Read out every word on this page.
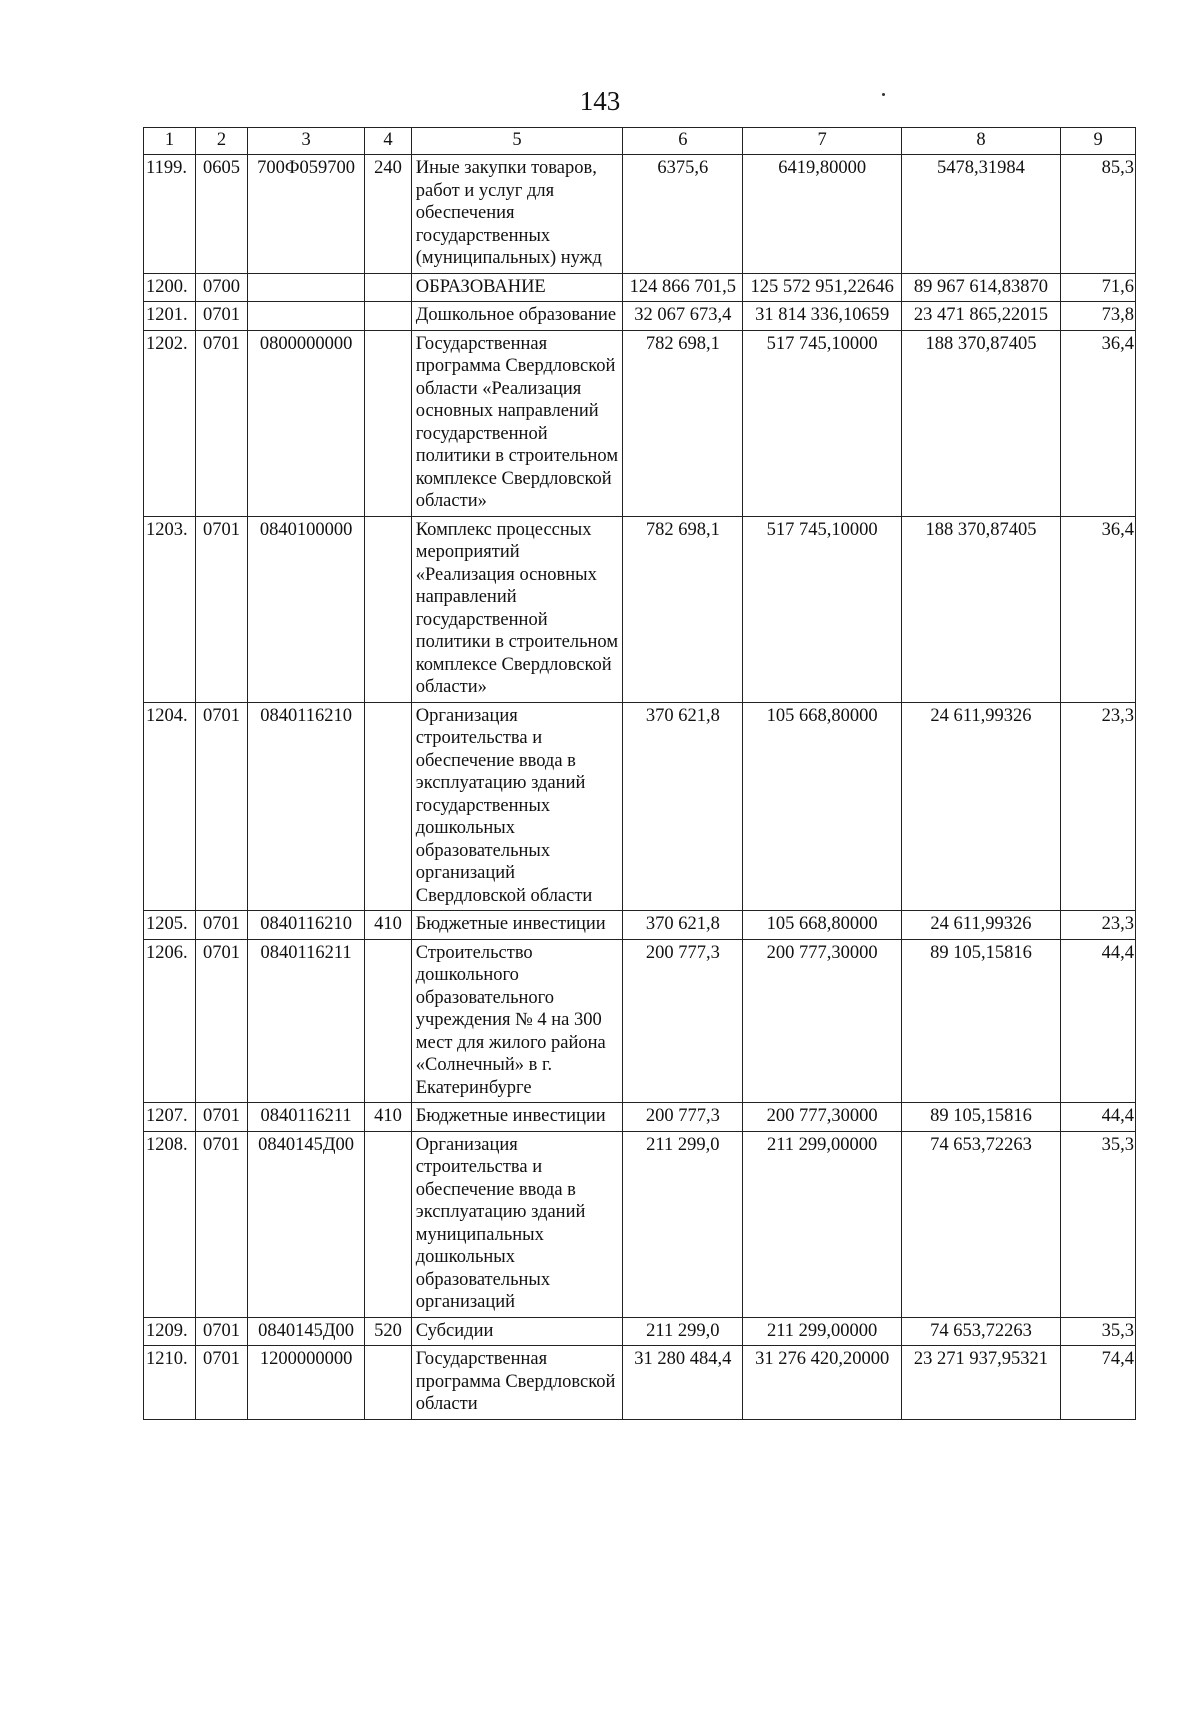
143
1	2	3	4	5	6	7	8	9
1199.	0605	700Ф059700	240	Иные закупки товаров, работ и услуг для обеспечения государственных (муниципальных) нужд	6375,6	6419,80000	5478,31984	85,3
1200.	0700			ОБРАЗОВАНИЕ	124 866 701,5	125 572 951,22646	89 967 614,83870	71,6
1201.	0701			Дошкольное образование	32 067 673,4	31 814 336,10659	23 471 865,22015	73,8
1202.	0701	0800000000		Государственная программа Свердловской области «Реализация основных направлений государственной политики в строительном комплексе Свердловской области»	782 698,1	517 745,10000	188 370,87405	36,4
1203.	0701	0840100000		Комплекс процессных мероприятий «Реализация основных направлений государственной политики в строительном комплексе Свердловской области»	782 698,1	517 745,10000	188 370,87405	36,4
1204.	0701	0840116210		Организация строительства и обеспечение ввода в эксплуатацию зданий государственных дошкольных образовательных организаций Свердловской области	370 621,8	105 668,80000	24 611,99326	23,3
1205.	0701	0840116210	410	Бюджетные инвестиции	370 621,8	105 668,80000	24 611,99326	23,3
1206.	0701	0840116211		Строительство дошкольного образовательного учреждения № 4 на 300 мест для жилого района «Солнечный» в г. Екатеринбурге	200 777,3	200 777,30000	89 105,15816	44,4
1207.	0701	0840116211	410	Бюджетные инвестиции	200 777,3	200 777,30000	89 105,15816	44,4
1208.	0701	0840145Д00		Организация строительства и обеспечение ввода в эксплуатацию зданий муниципальных дошкольных образовательных организаций	211 299,0	211 299,00000	74 653,72263	35,3
1209.	0701	0840145Д00	520	Субсидии	211 299,0	211 299,00000	74 653,72263	35,3
1210.	0701	1200000000		Государственная программа Свердловской области	31 280 484,4	31 276 420,20000	23 271 937,95321	74,4
